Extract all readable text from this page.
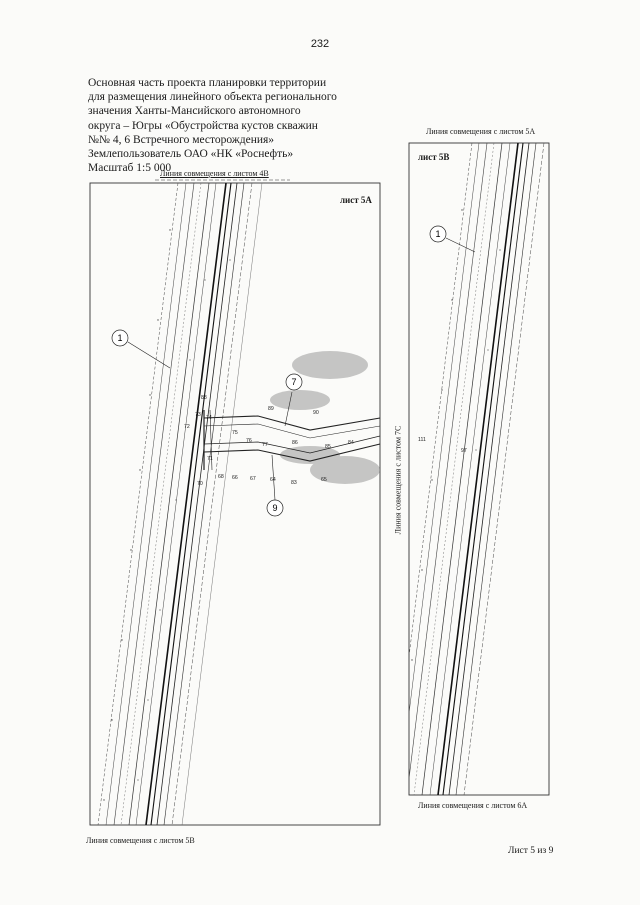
232
Основная часть проекта планировки территории
для размещения линейного объекта регионального
значения Ханты-Мансийского автономного
округа – Югры «Обустройства кустов скважин
№№ 4, 6 Встречного месторождения»
Землепользователь ОАО «НК «Роснефть»
Масштаб 1:5 000
1
1
7
9
89
90
73 74
72
75
76
77	86
85
84
83
68 66	65
64
71
70
67
88
111
97
лист 5А
лист 5В
Линия совмещения с листом 4В
Линия совмещения с листом 5В
Линия совмещения с листом 5А
Линия совмещения с листом 6А
Линия совмещения с листом 7С
Лист 5 из 9
